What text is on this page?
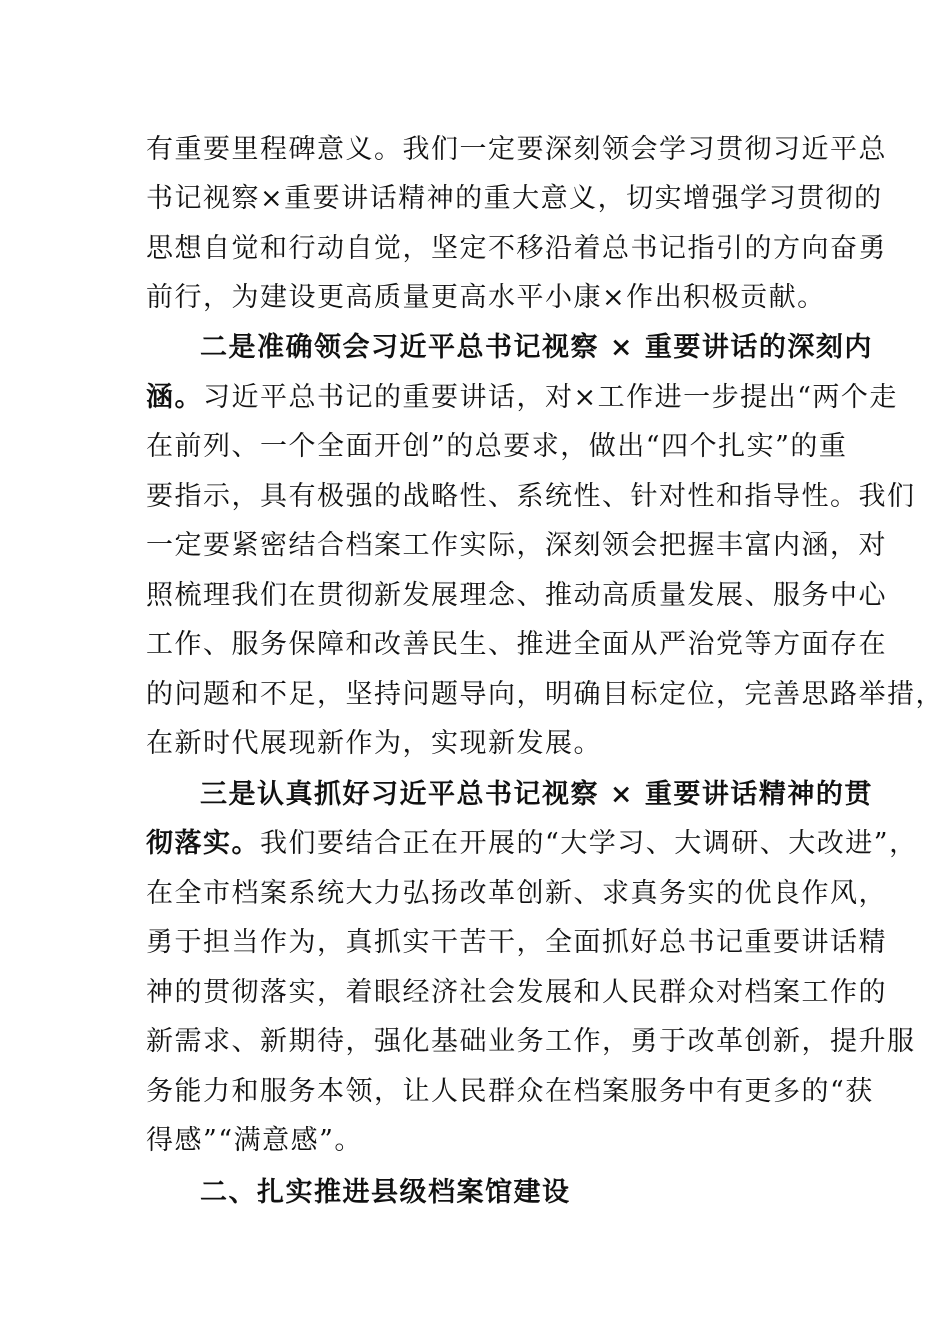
有重要里程碑意义。我们一定要深刻领会学习贯彻习近平总
书记视察×重要讲话精神的重大意义，切实增强学习贯彻的
思想自觉和行动自觉，坚定不移沿着总书记指引的方向奋勇
前行，为建设更高质量更高水平小康×作出积极贡献。
二是准确领会习近平总书记视察 × 重要讲话的深刻内
涵。习近平总书记的重要讲话，对×工作进一步提出“两个走
在前列、一个全面开创”的总要求，做出“四个扎实”的重
要指示，具有极强的战略性、系统性、针对性和指导性。我们
一定要紧密结合档案工作实际，深刻领会把握丰富内涵，对
照梳理我们在贯彻新发展理念、推动高质量发展、服务中心
工作、服务保障和改善民生、推进全面从严治党等方面存在
的问题和不足，坚持问题导向，明确目标定位，完善思路举措，
在新时代展现新作为，实现新发展。
三是认真抓好习近平总书记视察 × 重要讲话精神的贯
彻落实。我们要结合正在开展的“大学习、大调研、大改进”，
在全市档案系统大力弘扬改革创新、求真务实的优良作风，
勇于担当作为，真抓实干苦干，全面抓好总书记重要讲话精
神的贯彻落实，着眼经济社会发展和人民群众对档案工作的
新需求、新期待，强化基础业务工作，勇于改革创新，提升服
务能力和服务本领，让人民群众在档案服务中有更多的“获
得感”“满意感”。
二、扎实推进县级档案馆建设
